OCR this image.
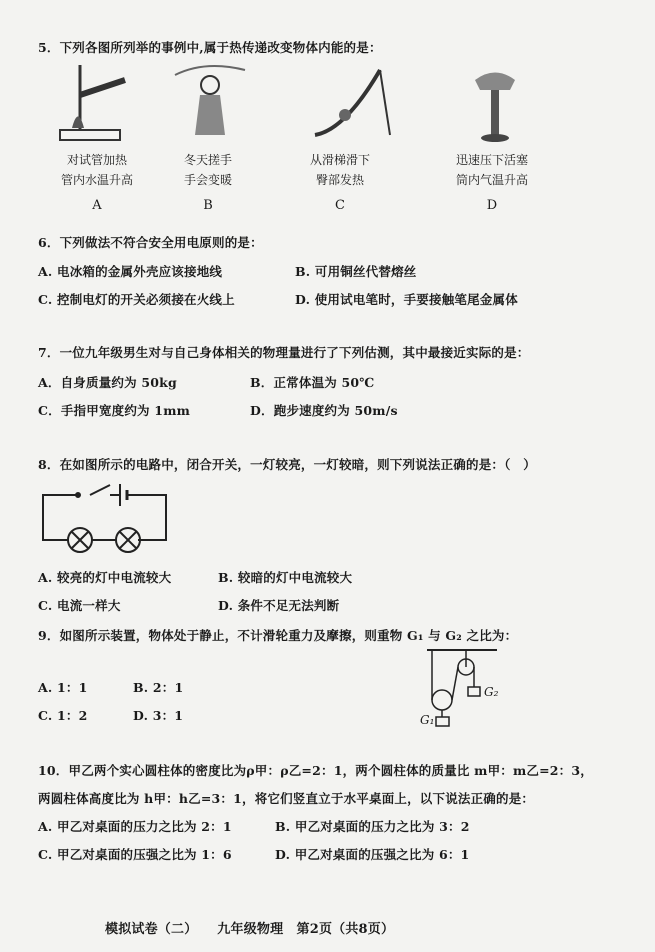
5．下列各图所列举的事例中,属于热传递改变物体内能的是：
对试管加热
管内水温升高
冬天搓手
手会变暖
从滑梯滑下
臀部发热
迅速压下活塞
筒内气温升高
A	B	C	D
6．下列做法不符合安全用电原则的是：
A. 电冰箱的金属外壳应该接地线	B. 可用铜丝代替熔丝
C. 控制电灯的开关必须接在火线上	D. 使用试电笔时，手要接触笔尾金属体
7．一位九年级男生对与自己身体相关的物理量进行了下列估测，其中最接近实际的是：
A．自身质量约为 50kg	B．正常体温为 50℃
C．手指甲宽度约为 1mm	D．跑步速度约为 50m/s
8．在如图所示的电路中，闭合开关，一灯较亮，一灯较暗，则下列说法正确的是：（　）
A. 较亮的灯中电流较大	B. 较暗的灯中电流较大
C. 电流一样大	D. 条件不足无法判断
9．如图所示装置，物体处于静止，不计滑轮重力及摩擦，则重物 G₁ 与 G₂ 之比为：
A. 1：1	B. 2：1
C. 1：2	D. 3：1
G₂
G₁
10．甲乙两个实心圆柱体的密度比为ρ甲：ρ乙=2：1，两个圆柱体的质量比 m甲：m乙=2：3，
两圆柱体高度比为 h甲：h乙=3：1，将它们竖直立于水平桌面上，以下说法正确的是：
A. 甲乙对桌面的压力之比为 2：1	B. 甲乙对桌面的压力之比为 3：2
C. 甲乙对桌面的压强之比为 1：6	D. 甲乙对桌面的压强之比为 6：1
模拟试卷（二）　　九年级物理　第2页（共8页）
